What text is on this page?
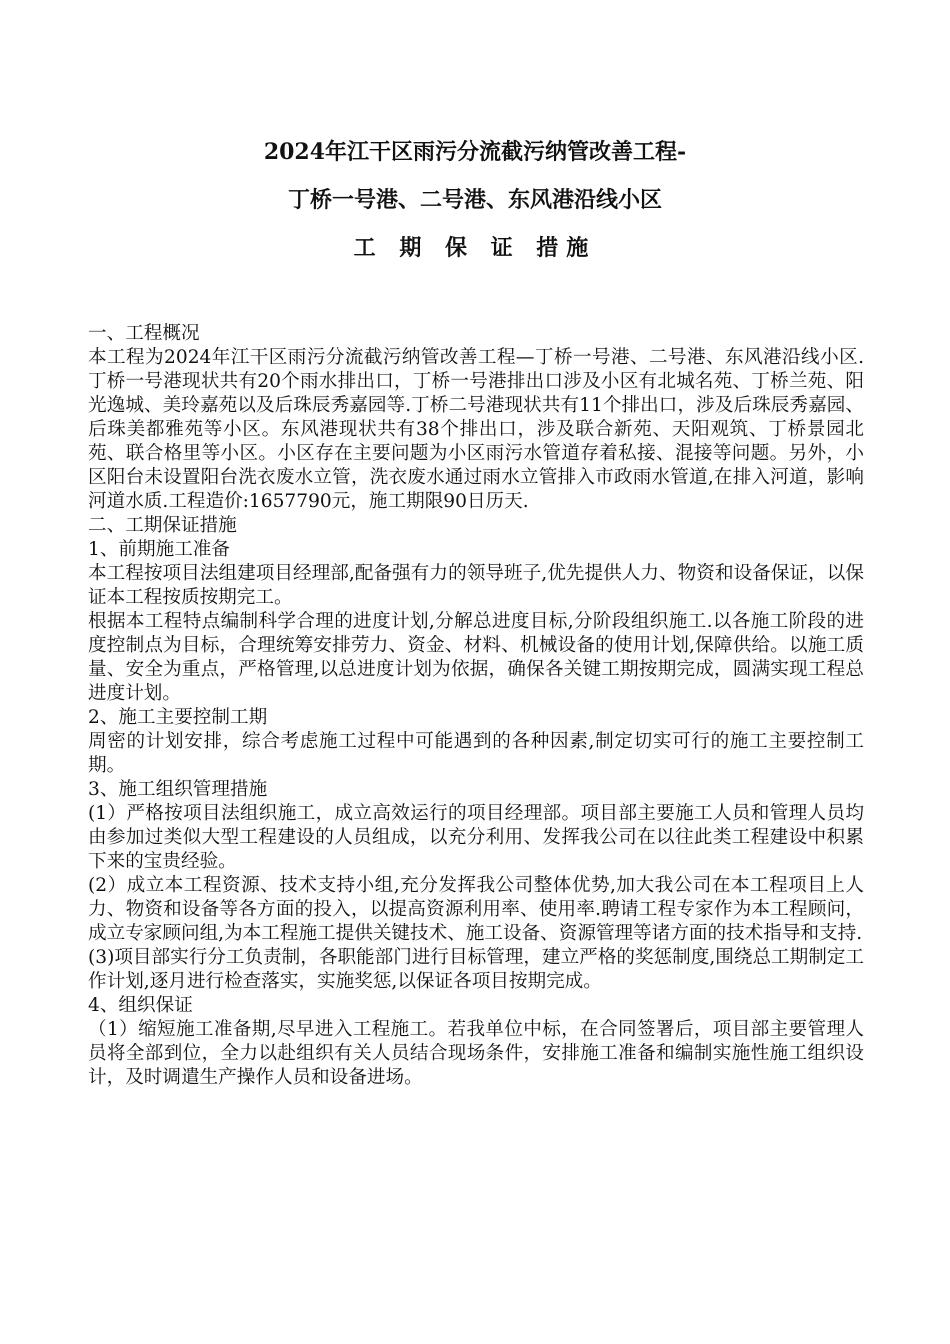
2024年江干区雨污分流截污纳管改善工程-
丁桥一号港、二号港、东风港沿线小区
工 期 保 证 措施

一、工程概况

本工程为2024年江干区雨污分流截污纳管改善工程—丁桥一号港、二号港、东风港沿线小区.丁桥一号港现状共有20个雨水排出口，丁桥一号港排出口涉及小区有北城名苑、丁桥兰苑、阳光逸城、美玲嘉苑以及后珠辰秀嘉园等.丁桥二号港现状共有11个排出口，涉及后珠辰秀嘉园、后珠美都雅苑等小区。东风港现状共有38个排出口，涉及联合新苑、天阳观筑、丁桥景园北苑、联合格里等小区。小区存在主要问题为小区雨污水管道存着私接、混接等问题。另外，小区阳台未设置阳台洗衣废水立管，洗衣废水通过雨水立管排入市政雨水管道,在排入河道，影响河道水质.工程造价:1657790元，施工期限90日历天.

二、工期保证措施

1、前期施工准备

本工程按项目法组建项目经理部,配备强有力的领导班子,优先提供人力、物资和设备保证，以保证本工程按质按期完工。

根据本工程特点编制科学合理的进度计划,分解总进度目标,分阶段组织施工.以各施工阶段的进度控制点为目标，合理统筹安排劳力、资金、材料、机械设备的使用计划,保障供给。以施工质量、安全为重点，严格管理,以总进度计划为依据，确保各关键工期按期完成，圆满实现工程总进度计划。

2、施工主要控制工期

周密的计划安排，综合考虑施工过程中可能遇到的各种因素,制定切实可行的施工主要控制工期。

3、施工组织管理措施

(1）严格按项目法组织施工，成立高效运行的项目经理部。项目部主要施工人员和管理人员均由参加过类似大型工程建设的人员组成，以充分利用、发挥我公司在以往此类工程建设中积累下来的宝贵经验。

(2）成立本工程资源、技术支持小组,充分发挥我公司整体优势,加大我公司在本工程项目上人力、物资和设备等各方面的投入，以提高资源利用率、使用率.聘请工程专家作为本工程顾问，成立专家顾问组,为本工程施工提供关键技术、施工设备、资源管理等诸方面的技术指导和支持.

(3)项目部实行分工负责制，各职能部门进行目标管理，建立严格的奖惩制度,围绕总工期制定工作计划,逐月进行检查落实，实施奖惩,以保证各项目按期完成。

4、组织保证

（1）缩短施工准备期,尽早进入工程施工。若我单位中标，在合同签署后，项目部主要管理人员将全部到位，全力以赴组织有关人员结合现场条件，安排施工准备和编制实施性施工组织设计，及时调遣生产操作人员和设备进场。
